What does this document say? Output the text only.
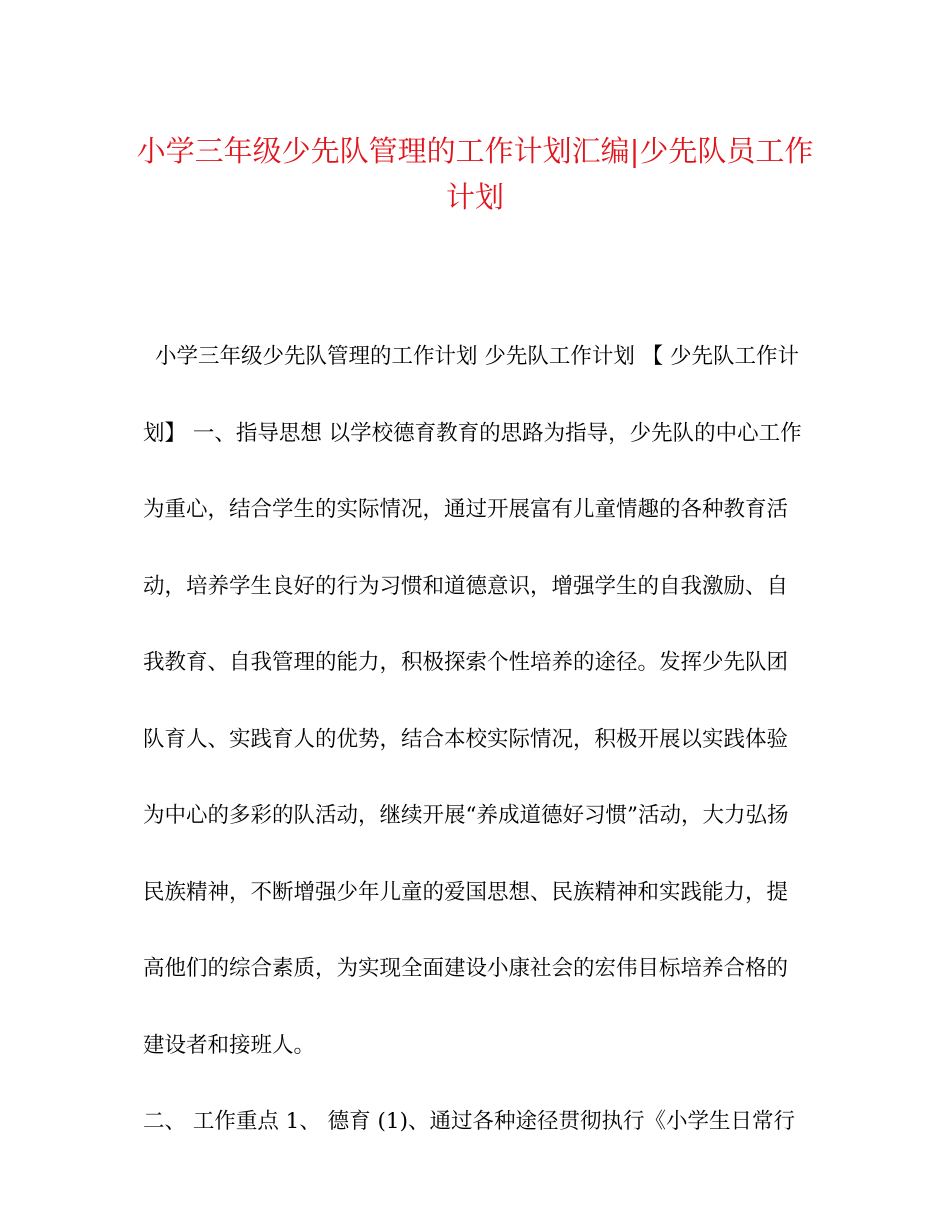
小学三年级少先队管理的工作计划汇编|少先队员工作
计划
小学三年级少先队管理的工作计划 少先队工作计划 【 少先队工作计
划】 一、指导思想 以学校德育教育的思路为指导，少先队的中心工作
为重心，结合学生的实际情况，通过开展富有儿童情趣的各种教育活
动，培养学生良好的行为习惯和道德意识，增强学生的自我激励、自
我教育、自我管理的能力，积极探索个性培养的途径。发挥少先队团
队育人、实践育人的优势，结合本校实际情况，积极开展以实践体验
为中心的多彩的队活动，继续开展“养成道德好习惯”活动，大力弘扬
民族精神，不断增强少年儿童的爱国思想、民族精神和实践能力，提
高他们的综合素质，为实现全面建设小康社会的宏伟目标培养合格的
建设者和接班人。
二、 工作重点 1、 德育 (1)、通过各种途径贯彻执行《小学生日常行
